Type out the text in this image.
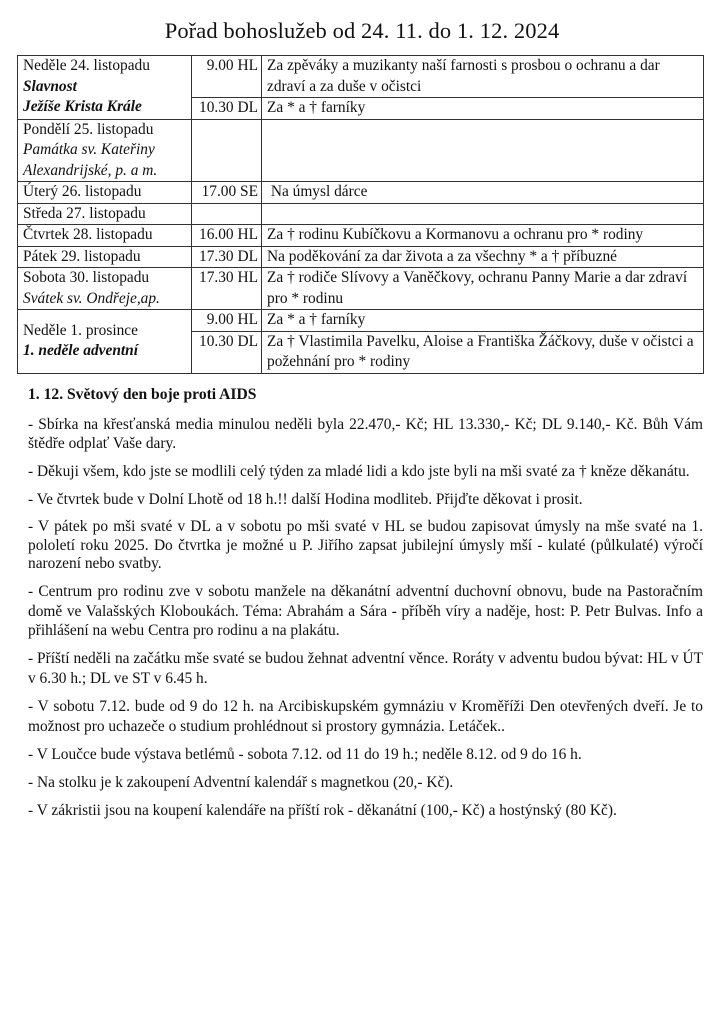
Pořad bohoslužeb od 24. 11. do 1. 12. 2024
Neděle 24. listopadu
Slavnost
Ježíše Krista Krále	9.00 HL	Za zpěváky a muzikanty naší farnosti s prosbou o ochranu a dar zdraví a za duše v očistci
	10.30 DL	Za * a † farníky

Pondělí 25. listopadu
Památka sv. Kateřiny
Alexandrijské, p. a m.		

Úterý 26. listopadu	17.00 SE	Na úmysl dárce
Středa 27. listopadu		
Čtvrtek 28. listopadu	16.00 HL	Za † rodinu Kubíčkovu a Kormanovu a ochranu pro * rodiny
Pátek 29. listopadu	17.30 DL	Na poděkování za dar života a za všechny * a † příbuzné

Sobota 30. listopadu
Svátek sv. Ondřeje,ap.	17.30 HL	Za † rodiče Slívovy a Vaněčkovy, ochranu Panny Marie a dar zdraví pro * rodinu

Neděle 1. prosince
1. neděle adventní	9.00 HL	Za * a † farníky
	10.30 DL	Za † Vlastimila Pavelku, Aloise a Františka Žáčkovy, duše v očistci a požehnání pro * rodiny
1. 12. Světový den boje proti AIDS

- Sbírka na křesťanská media minulou neděli byla 22.470,- Kč; HL 13.330,- Kč; DL 9.140,- Kč. Bůh Vám štědře odplať Vaše dary.

- Děkuji všem, kdo jste se modlili celý týden za mladé lidi a kdo jste byli na mši svaté za † kněze děkanátu.

- Ve čtvrtek bude v Dolní Lhotě od 18 h.!! další Hodina modliteb. Přijďte děkovat i prosit.

- V pátek po mši svaté v DL a v sobotu po mši svaté v HL se budou zapisovat úmysly na mše svaté na 1. pololetí roku 2025. Do čtvrtka je možné u P. Jiřího zapsat jubilejní úmysly mší - kulaté (půlkulaté) výročí narození nebo svatby.

- Centrum pro rodinu zve v sobotu manžele na děkanátní adventní duchovní obnovu, bude na Pastoračním domě ve Valašských Kloboukách. Téma: Abrahám a Sára - příběh víry a naděje, host: P. Petr Bulvas. Info a přihlášení na webu Centra pro rodinu a na plakátu.

- Příští neděli na začátku mše svaté se budou žehnat adventní věnce. Roráty v adventu budou bývat: HL v ÚT v 6.30 h.; DL ve ST v 6.45 h.

- V sobotu 7.12. bude od 9 do 12 h. na Arcibiskupském gymnáziu v Kroměříži Den otevřených dveří. Je to možnost pro uchazeče o studium prohlédnout si prostory gymnázia. Letáček..

- V Loučce bude výstava betlémů - sobota 7.12. od 11 do 19 h.; neděle 8.12. od 9 do 16 h.

- Na stolku je k zakoupení Adventní kalendář s magnetkou (20,- Kč).

- V zákristii jsou na koupení kalendáře na příští rok - děkanátní (100,- Kč) a hostýnský (80 Kč).
